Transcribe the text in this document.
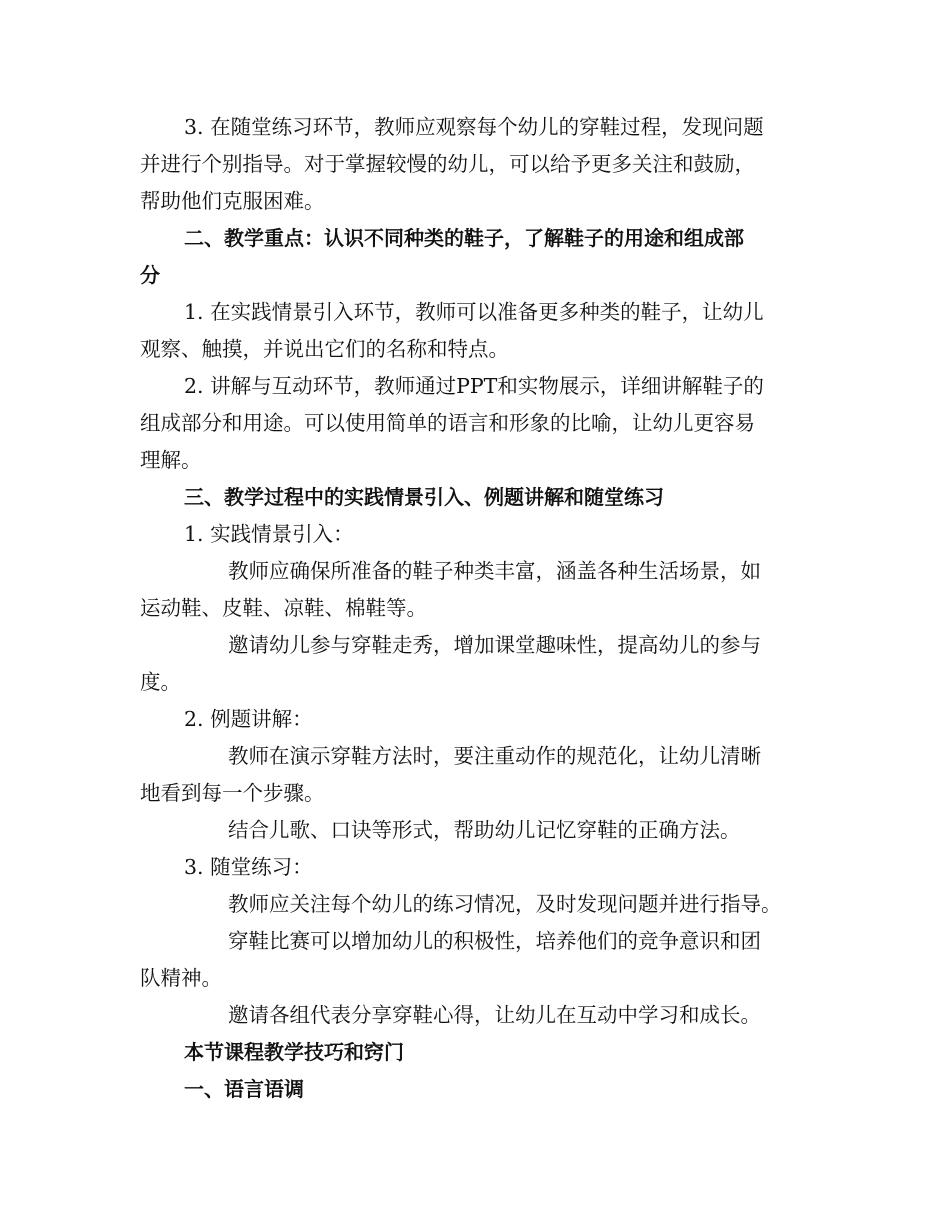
3. 在随堂练习环节，教师应观察每个幼儿的穿鞋过程，发现问题

并进行个别指导。对于掌握较慢的幼儿，可以给予更多关注和鼓励，

帮助他们克服困难。

二、教学重点：认识不同种类的鞋子，了解鞋子的用途和组成部

分

1. 在实践情景引入环节，教师可以准备更多种类的鞋子，让幼儿

观察、触摸，并说出它们的名称和特点。

2. 讲解与互动环节，教师通过PPT和实物展示，详细讲解鞋子的

组成部分和用途。可以使用简单的语言和形象的比喻，让幼儿更容易

理解。

三、教学过程中的实践情景引入、例题讲解和随堂练习

1. 实践情景引入：

教师应确保所准备的鞋子种类丰富，涵盖各种生活场景，如

运动鞋、皮鞋、凉鞋、棉鞋等。

邀请幼儿参与穿鞋走秀，增加课堂趣味性，提高幼儿的参与

度。

2. 例题讲解：

教师在演示穿鞋方法时，要注重动作的规范化，让幼儿清晰

地看到每一个步骤。

结合儿歌、口诀等形式，帮助幼儿记忆穿鞋的正确方法。

3. 随堂练习：

教师应关注每个幼儿的练习情况，及时发现问题并进行指导。

穿鞋比赛可以增加幼儿的积极性，培养他们的竞争意识和团

队精神。

邀请各组代表分享穿鞋心得，让幼儿在互动中学习和成长。

本节课程教学技巧和窍门

一、语言语调
